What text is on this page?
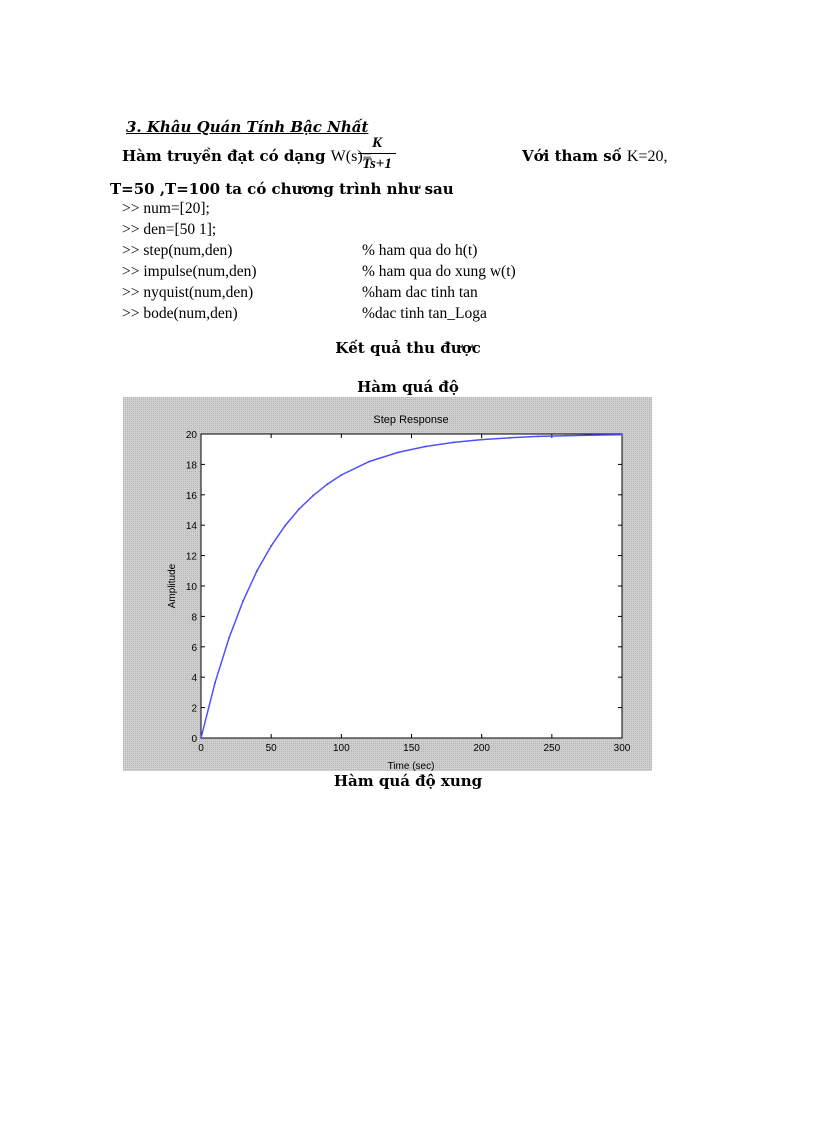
3. Khâu Quán Tính Bậc Nhất
Hàm truyền đạt có dạng W(s)=
K
Ts+1	Với tham số K=20,
T=50 ,T=100 ta có chương trình như sau
>> num=[20];
>> den=[50 1];
>> step(num,den)	% ham qua do h(t)
>> impulse(num,den)	% ham qua do xung w(t)
>> nyquist(num,den)	%ham dac tinh tan
>> bode(num,den)	%dac tinh tan_Loga
Kết quả thu được
Hàm quá độ
0	50	100	150	200	250	300
0
2
4
6
8
10
12
14
16
18
20
Step Response
Time (sec)
Amplitude
Hàm quá độ xung
